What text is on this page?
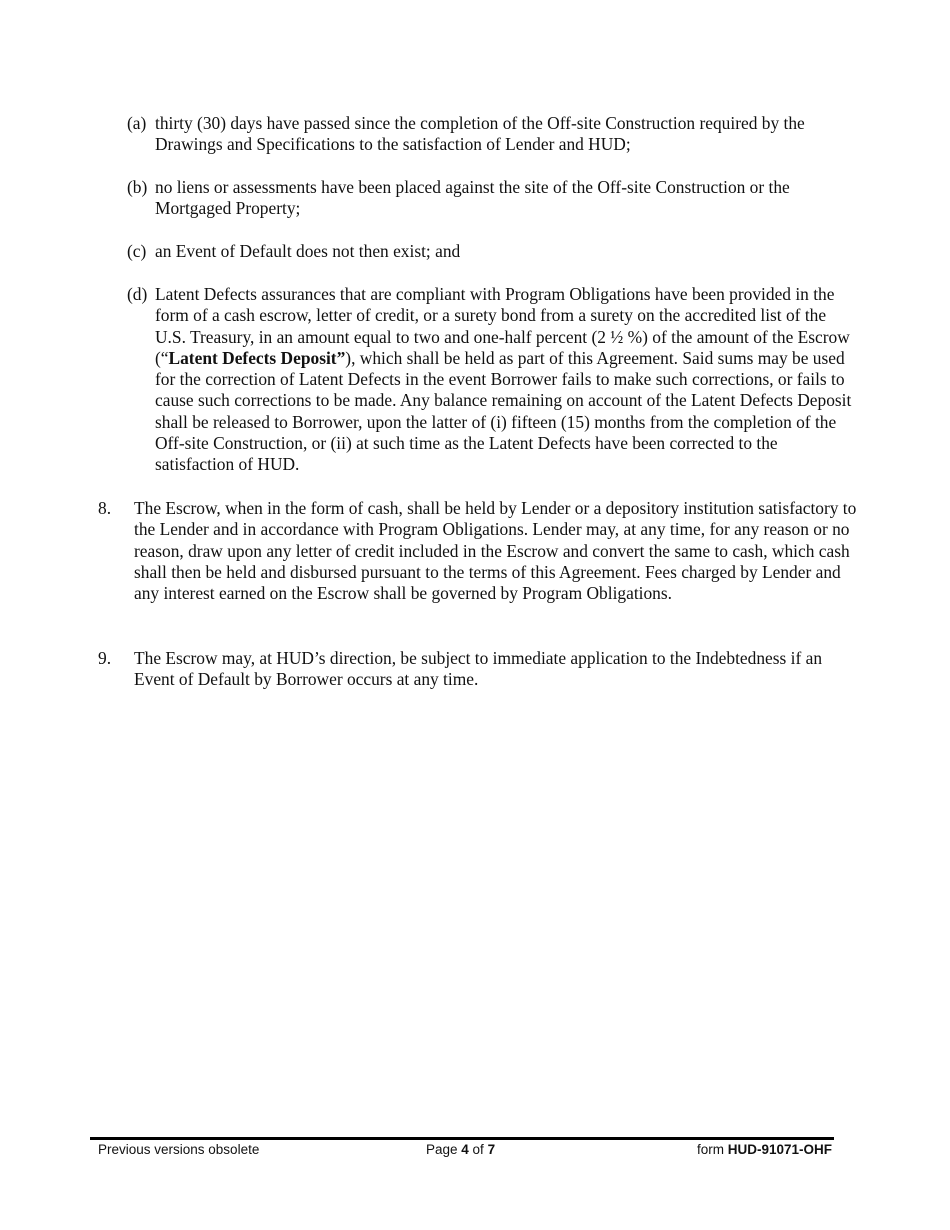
(a) thirty (30) days have passed since the completion of the Off-site Construction required by the Drawings and Specifications to the satisfaction of Lender and HUD;
(b) no liens or assessments have been placed against the site of the Off-site Construction or the Mortgaged Property;
(c) an Event of Default does not then exist; and
(d) Latent Defects assurances that are compliant with Program Obligations have been provided in the form of a cash escrow, letter of credit, or a surety bond from a surety on the accredited list of the U.S. Treasury, in an amount equal to two and one-half percent (2 ½ %) of the amount of the Escrow (“Latent Defects Deposit”), which shall be held as part of this Agreement. Said sums may be used for the correction of Latent Defects in the event Borrower fails to make such corrections, or fails to cause such corrections to be made. Any balance remaining on account of the Latent Defects Deposit shall be released to Borrower, upon the latter of (i) fifteen (15) months from the completion of the Off-site Construction, or (ii) at such time as the Latent Defects have been corrected to the satisfaction of HUD.
8. The Escrow, when in the form of cash, shall be held by Lender or a depository institution satisfactory to the Lender and in accordance with Program Obligations. Lender may, at any time, for any reason or no reason, draw upon any letter of credit included in the Escrow and convert the same to cash, which cash shall then be held and disbursed pursuant to the terms of this Agreement. Fees charged by Lender and any interest earned on the Escrow shall be governed by Program Obligations.
9. The Escrow may, at HUD’s direction, be subject to immediate application to the Indebtedness if an Event of Default by Borrower occurs at any time.
Previous versions obsolete	Page 4 of 7	form HUD-91071-OHF
